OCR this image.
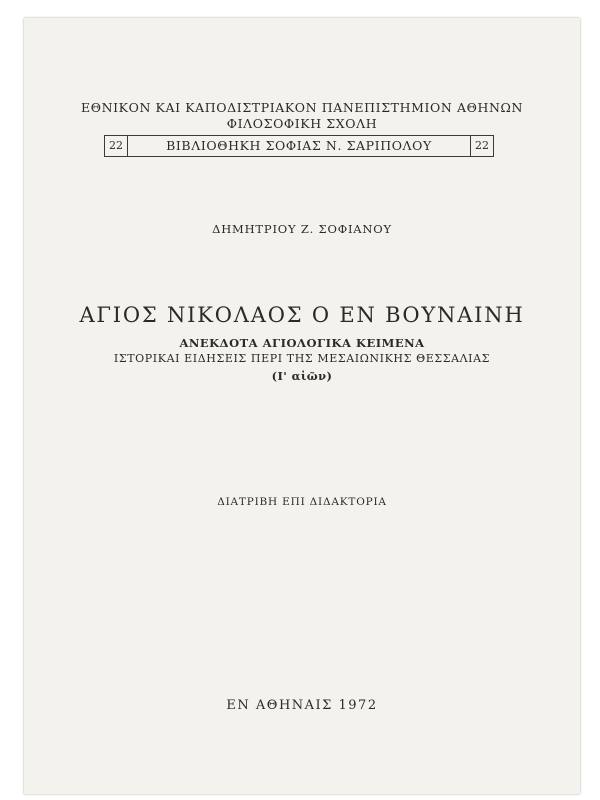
ΕΘΝΙΚΟΝ ΚΑΙ ΚΑΠΟΔΙΣΤΡΙΑΚΟΝ ΠΑΝΕΠΙΣΤΗΜΙΟΝ ΑΘΗΝΩΝ
ΦΙΛΟΣΟΦΙΚΗ ΣΧΟΛΗ
22	ΒΙΒΛΙΟΘΗΚΗ ΣΟΦΙΑΣ Ν. ΣΑΡΙΠΟΛΟΥ	22
ΔΗΜΗΤΡΙΟΥ Ζ. ΣΟΦΙΑΝΟΥ
ΑΓΙΟΣ ΝΙΚΟΛΑΟΣ Ο ΕΝ ΒΟΥΝΑΙΝΗ
ΑΝΕΚΔΟΤΑ ΑΓΙΟΛΟΓΙΚΑ ΚΕΙΜΕΝΑ
ΙΣΤΟΡΙΚΑΙ ΕΙΔΗΣΕΙΣ ΠΕΡΙ ΤΗΣ ΜΕΣΑΙΩΝΙΚΗΣ ΘΕΣΣΑΛΙΑΣ
(Ι' αἰῶν)
ΔΙΑΤΡΙΒΗ ΕΠΙ ΔΙΔΑΚΤΟΡΙΑ
ΕΝ ΑΘΗΝΑΙΣ 1972
